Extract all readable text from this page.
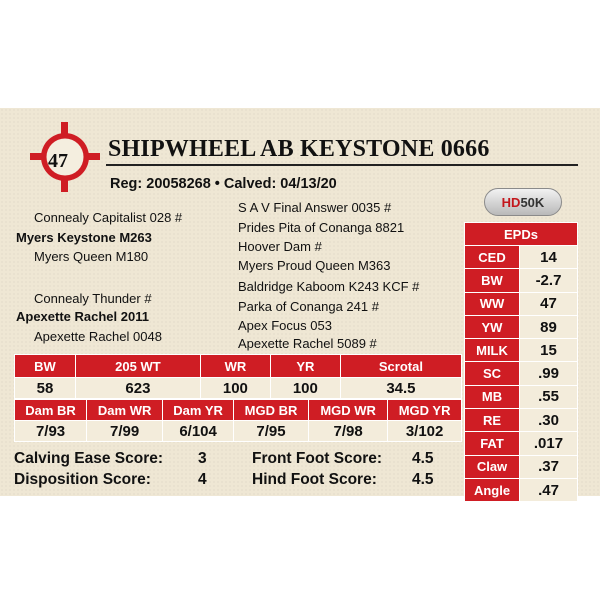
47	SHIPWHEEL AB KEYSTONE 0666
Reg: 20058268 • Calved: 04/13/20
HD 50K
Connealy Capitalist 028 #
Myers Keystone M263
Myers Queen M180
Connealy Thunder #
Apexette Rachel 2011
Apexette Rachel 0048
S A V Final Answer 0035 #
Prides Pita of Conanga 8821
Hoover Dam #
Myers Proud Queen M363
Baldridge Kaboom K243 KCF #
Parka of Conanga 241 #
Apex Focus 053
Apexette Rachel 5089 #
BW	205 WT	WR	YR	Scrotal
58	623	100	100	34.5
Dam BR	Dam WR	Dam YR	MGD BR	MGD WR	MGD YR
7/93	7/99	6/104	7/95	7/98	3/102
EPDs	
CED	14
BW	-2.7
WW	47
YW	89
MILK	15
SC	.99
MB	.55
RE	.30
FAT	.017
Claw	.37
Angle	.47
Calving Ease Score: 3
Disposition Score:	4
Front Foot Score: 4.5
Hind Foot Score: 4.5
